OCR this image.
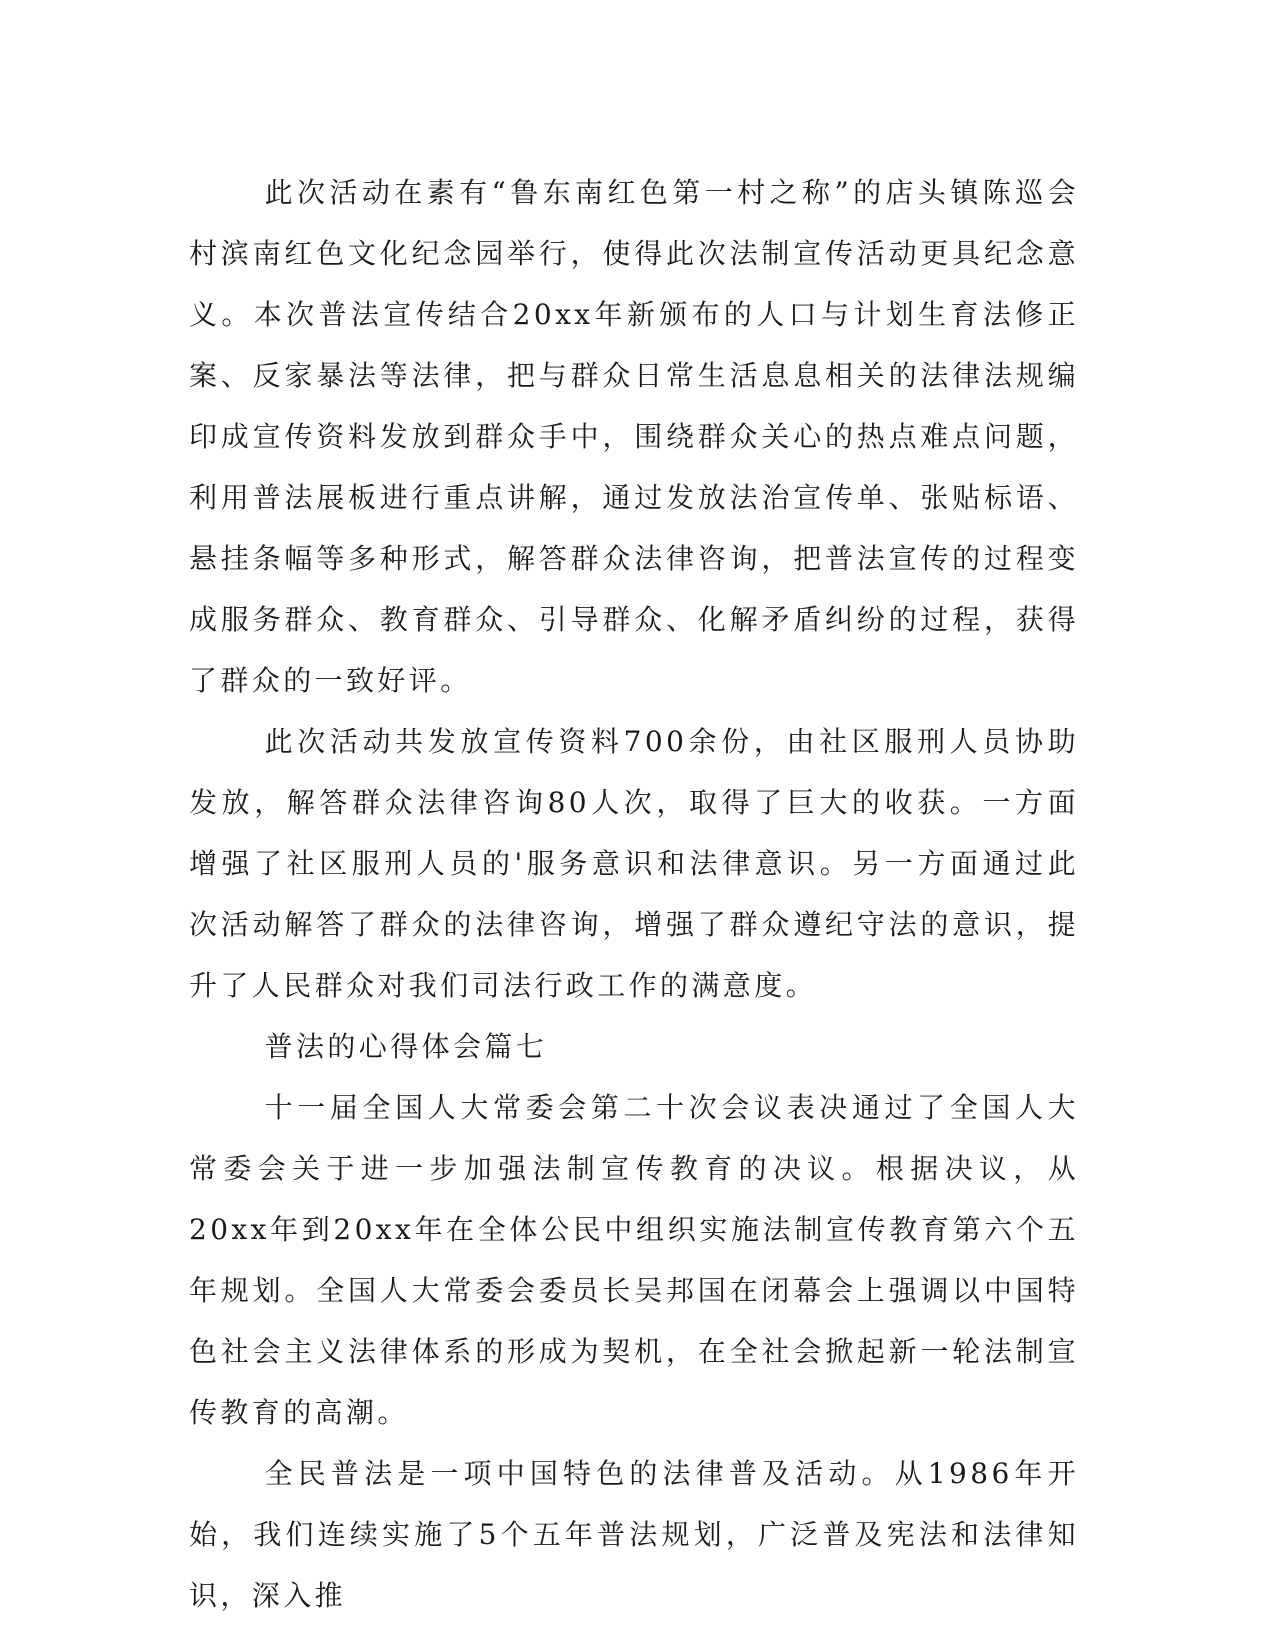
此次活动在素有“鲁东南红色第一村之称”的店头镇陈巡会村滨南红色文化纪念园举行，使得此次法制宣传活动更具纪念意义。本次普法宣传结合20xx年新颁布的人口与计划生育法修正案、反家暴法等法律，把与群众日常生活息息相关的法律法规编印成宣传资料发放到群众手中，围绕群众关心的热点难点问题，利用普法展板进行重点讲解，通过发放法治宣传单、张贴标语、悬挂条幅等多种形式，解答群众法律咨询，把普法宣传的过程变成服务群众、教育群众、引导群众、化解矛盾纠纷的过程，获得了群众的一致好评。

此次活动共发放宣传资料700余份，由社区服刑人员协助发放，解答群众法律咨询80人次，取得了巨大的收获。一方面增强了社区服刑人员的'服务意识和法律意识。另一方面通过此次活动解答了群众的法律咨询，增强了群众遵纪守法的意识，提升了人民群众对我们司法行政工作的满意度。

普法的心得体会篇七

十一届全国人大常委会第二十次会议表决通过了全国人大常委会关于进一步加强法制宣传教育的决议。根据决议，从20xx年到20xx年在全体公民中组织实施法制宣传教育第六个五年规划。全国人大常委会委员长吴邦国在闭幕会上强调以中国特色社会主义法律体系的形成为契机，在全社会掀起新一轮法制宣传教育的高潮。

全民普法是一项中国特色的法律普及活动。从1986年开始，我们连续实施了5个五年普法规划，广泛普及宪法和法律知识，深入推
